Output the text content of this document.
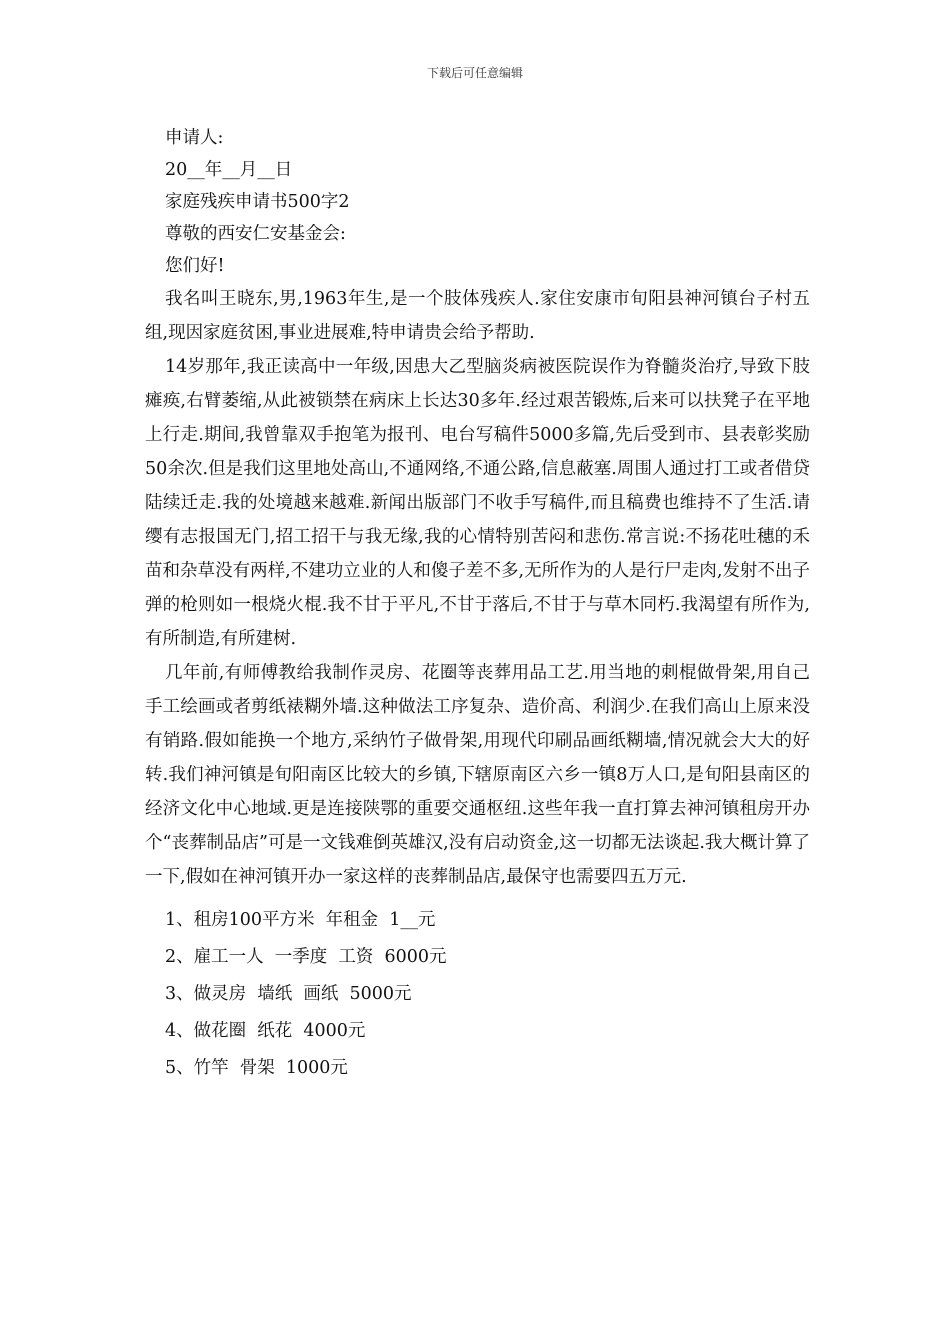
下载后可任意编辑
申请人:
20__年__月__日
家庭残疾申请书500字2
尊敬的西安仁安基金会:
您们好!

我名叫王晓东,男,1963年生,是一个肢体残疾人.家住安康市旬阳县神河镇台子村五组,现因家庭贫困,事业进展难,特申请贵会给予帮助.

14岁那年,我正读高中一年级,因患大乙型脑炎病被医院误作为脊髓炎治疗,导致下肢瘫痪,右臂萎缩,从此被锁禁在病床上长达30多年.经过艰苦锻炼,后来可以扶凳子在平地上行走.期间,我曾靠双手抱笔为报刊、电台写稿件5000多篇,先后受到市、县表彰奖励50余次.但是我们这里地处高山,不通网络,不通公路,信息蔽塞.周围人通过打工或者借贷陆续迁走.我的处境越来越难.新闻出版部门不收手写稿件,而且稿费也维持不了生活.请缨有志报国无门,招工招干与我无缘,我的心情特别苦闷和悲伤.常言说:不扬花吐穗的禾苗和杂草没有两样,不建功立业的人和傻子差不多,无所作为的人是行尸走肉,发射不出子弹的枪则如一根烧火棍.我不甘于平凡,不甘于落后,不甘于与草木同朽.我渴望有所作为,有所制造,有所建树.

几年前,有师傅教给我制作灵房、花圈等丧葬用品工艺.用当地的刺棍做骨架,用自己手工绘画或者剪纸裱糊外墙.这种做法工序复杂、造价高、利润少.在我们高山上原来没有销路.假如能换一个地方,采纳竹子做骨架,用现代印刷品画纸糊墙,情况就会大大的好转.我们神河镇是旬阳南区比较大的乡镇,下辖原南区六乡一镇8万人口,是旬阳县南区的经济文化中心地域.更是连接陕鄂的重要交通枢纽.这些年我一直打算去神河镇租房开办个“丧葬制品店”可是一文钱难倒英雄汉,没有启动资金,这一切都无法谈起.我大概计算了一下,假如在神河镇开办一家这样的丧葬制品店,最保守也需要四五万元.

1、租房100平方米  年租金  1__元
2、雇工一人  一季度  工资  6000元
3、做灵房  墙纸  画纸  5000元
4、做花圈  纸花  4000元
5、竹竿  骨架  1000元
